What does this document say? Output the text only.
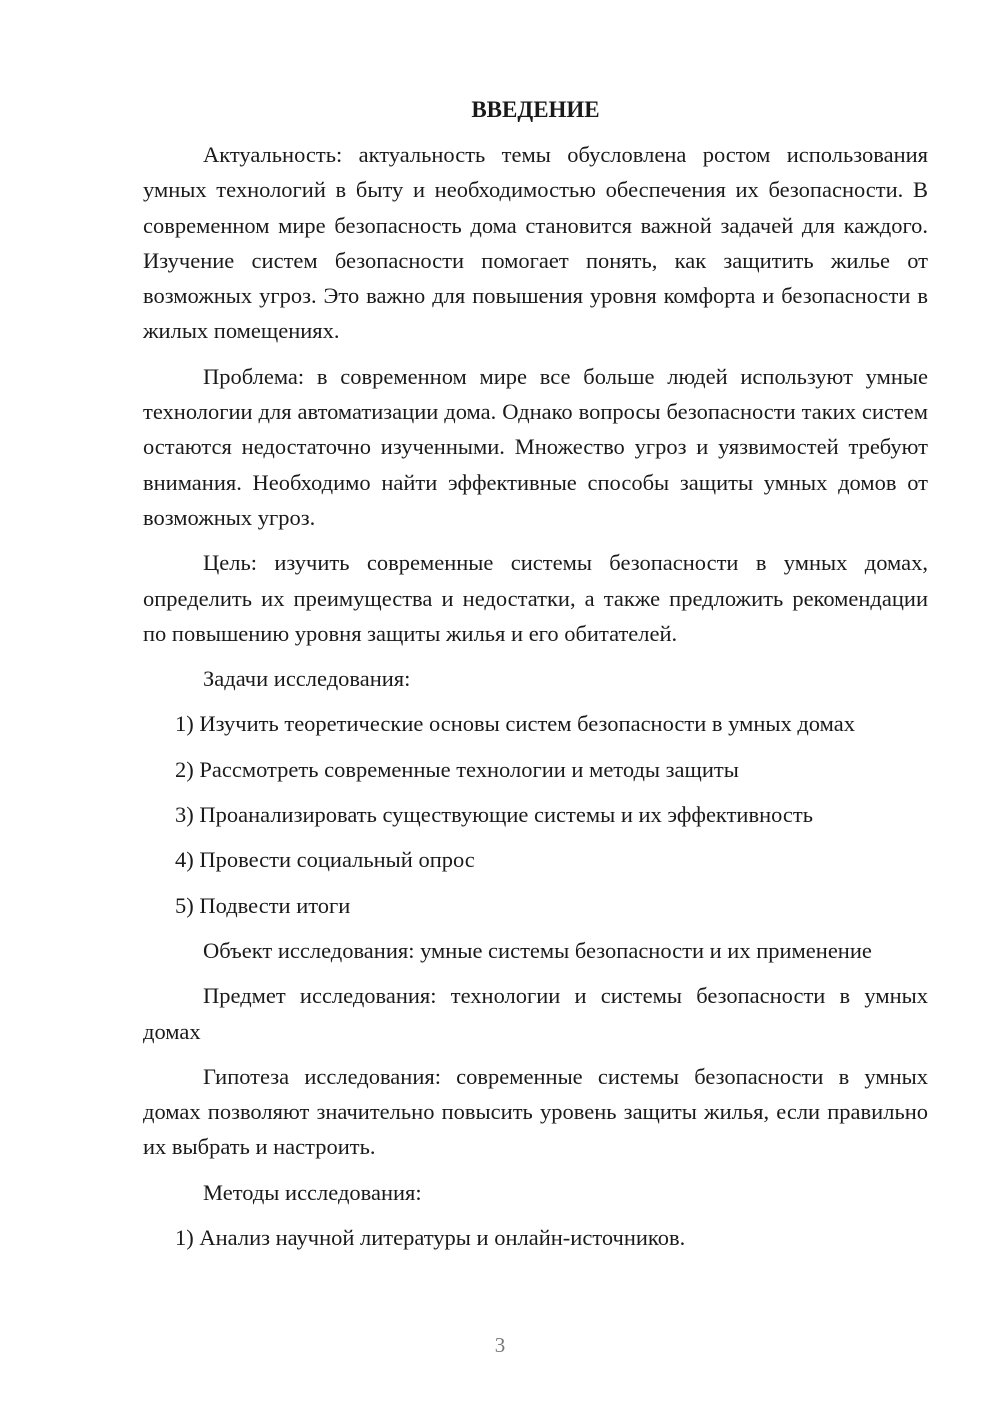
ВВЕДЕНИЕ

Актуальность: актуальность темы обусловлена ростом использования умных технологий в быту и необходимостью обеспечения их безопасности. В современном мире безопасность дома становится важной задачей для каждого. Изучение систем безопасности помогает понять, как защитить жилье от возможных угроз. Это важно для повышения уровня комфорта и безопасности в жилых помещениях.

Проблема: в современном мире все больше людей используют умные технологии для автоматизации дома. Однако вопросы безопасности таких систем остаются недостаточно изученными. Множество угроз и уязвимостей требуют внимания. Необходимо найти эффективные способы защиты умных домов от возможных угроз.

Цель: изучить современные системы безопасности в умных домах, определить их преимущества и недостатки, а также предложить рекомендации по повышению уровня защиты жилья и его обитателей.

Задачи исследования:

1) Изучить теоретические основы систем безопасности в умных домах

2) Рассмотреть современные технологии и методы защиты

3) Проанализировать существующие системы и их эффективность

4) Провести социальный опрос

5) Подвести итоги

Объект исследования: умные системы безопасности и их применение

Предмет исследования: технологии и системы безопасности в умных домах

Гипотеза исследования: современные системы безопасности в умных домах позволяют значительно повысить уровень защиты жилья, если правильно их выбрать и настроить.

Методы исследования:

1) Анализ научной литературы и онлайн-источников.

3
